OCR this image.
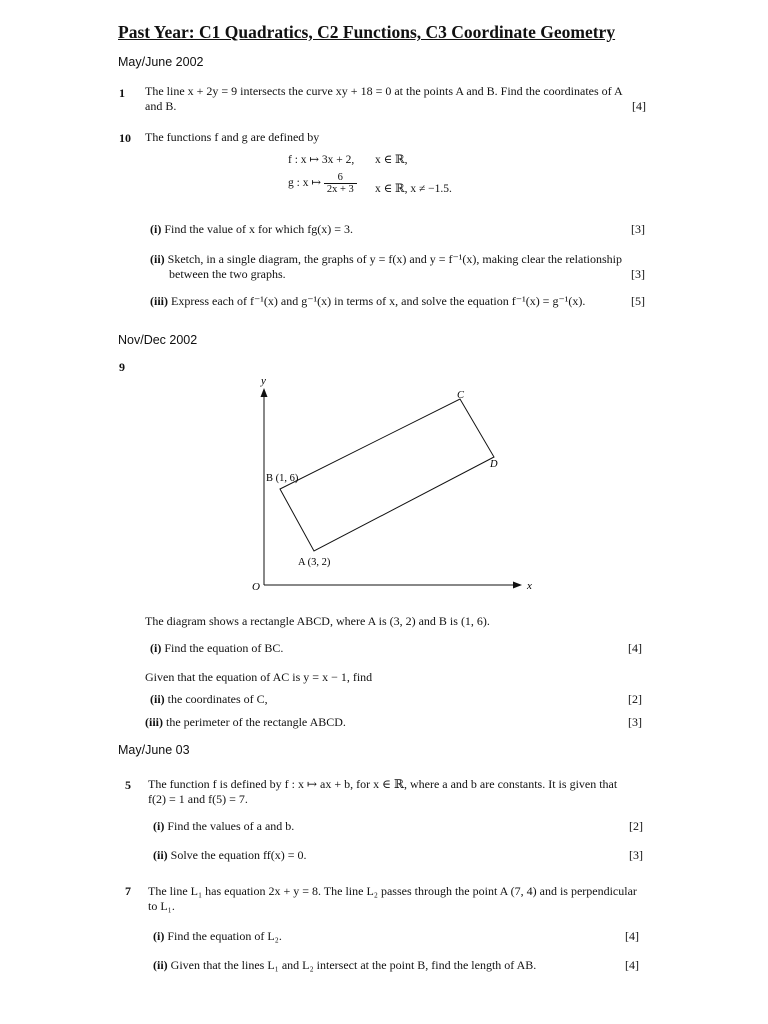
Past Year: C1 Quadratics, C2 Functions, C3 Coordinate Geometry
May/June 2002
1 The line x + 2y = 9 intersects the curve xy + 18 = 0 at the points A and B. Find the coordinates of A
and B.	[4]
10 The functions f and g are defined by
f : x ↦ 3x + 2, x ∈ ℝ,
g : x ↦ $\frac{6}{2x + 3}$ x ∈ ℝ, x ≠ −1.5.
(i) Find the value of x for which fg(x) = 3.	[3]
(ii) Sketch, in a single diagram, the graphs of y = f(x) and y = f⁻¹(x), making clear the relationship
between the two graphs.	[3]
(iii) Express each of f⁻¹(x) and g⁻¹(x) in terms of x, and solve the equation f⁻¹(x) = g⁻¹(x).	[5]
Nov/Dec 2002
9
y
x
O
B (1, 6)
A (3, 2)
C
D
The diagram shows a rectangle ABCD, where A is (3, 2) and B is (1, 6).
(i) Find the equation of BC.	[4]
Given that the equation of AC is y = x − 1, find
(ii) the coordinates of C,	[2]
(iii) the perimeter of the rectangle ABCD.	[3]
May/June 03
5 The function f is defined by f : x ↦ ax + b, for x ∈ ℝ, where a and b are constants. It is given that
f(2) = 1 and f(5) = 7.
(i) Find the values of a and b.	[2]
(ii) Solve the equation ff(x) = 0.	[3]
7 The line L₁ has equation 2x + y = 8. The line L₂ passes through the point A (7, 4) and is perpendicular
to L₁.
(i) Find the equation of L₂.	[4]
(ii) Given that the lines L₁ and L₂ intersect at the point B, find the length of AB.	[4]
